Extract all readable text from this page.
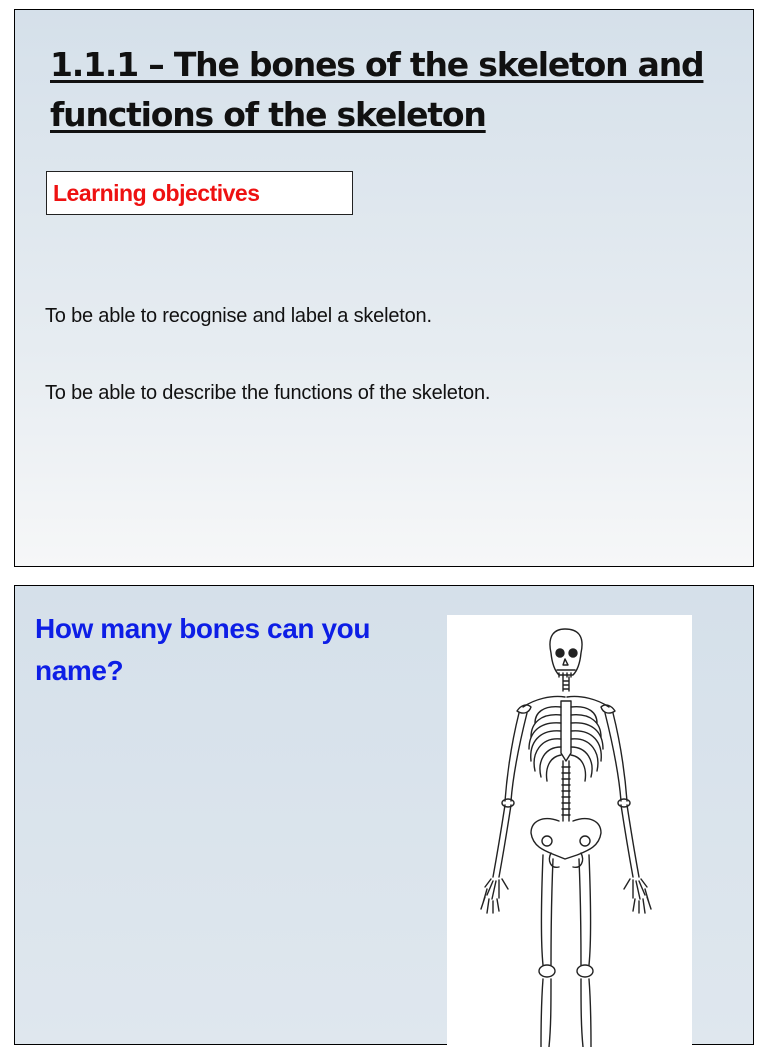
1.1.1 – The bones of the skeleton and functions of the skeleton
Learning objectives
To be able to recognise and label a skeleton.
To be able to describe the functions of the skeleton.
How many bones can you name?
